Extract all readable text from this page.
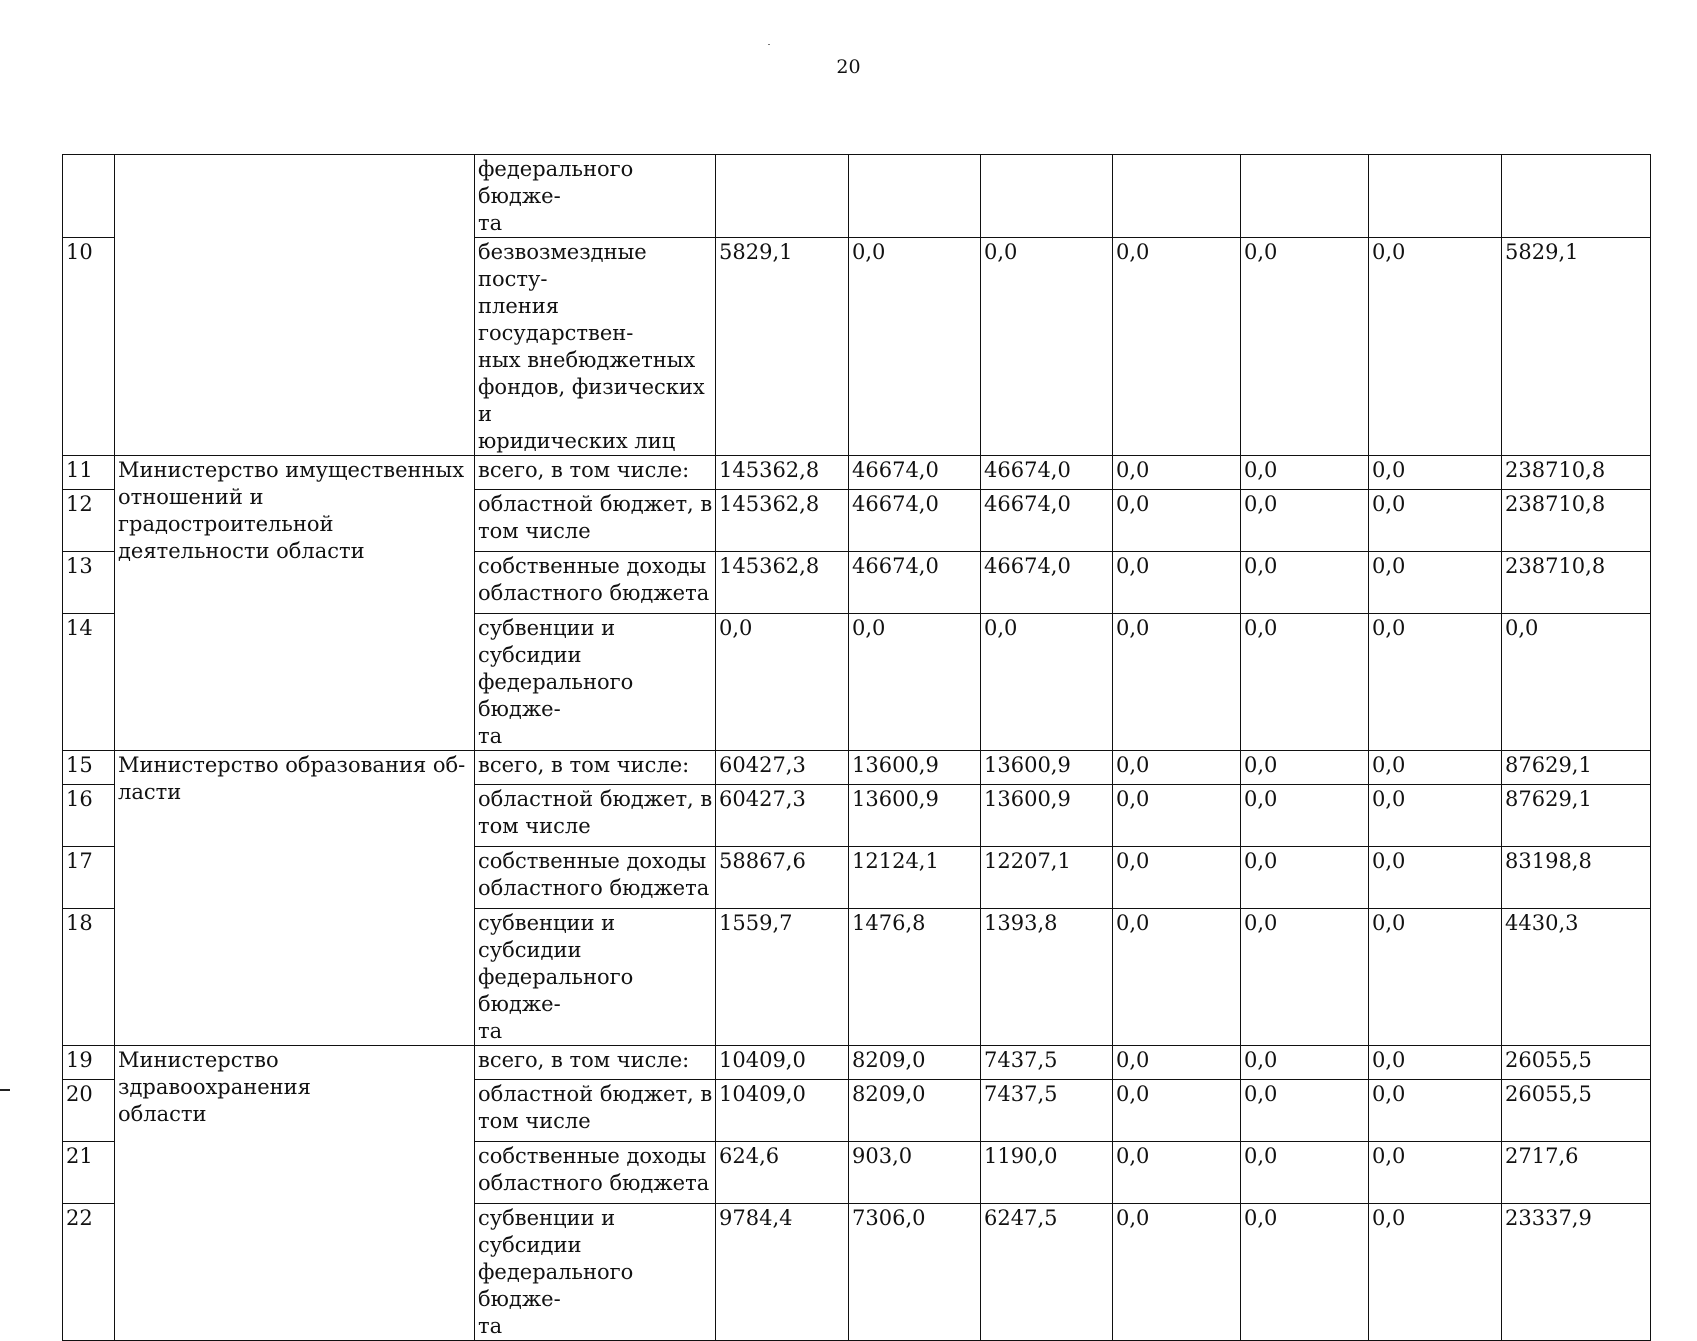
20
		федерального бюдже-
та							
10		безвозмездные посту-
пления государствен-
ных внебюджетных
фондов, физических и
юридических лиц	5829,1	0,0	0,0	0,0	0,0	0,0	5829,1
11	Министерство имущественных
отношений и градостроительной
деятельности области	всего, в том числе:	145362,8	46674,0	46674,0	0,0	0,0	0,0	238710,8
12		областной бюджет, в
том числе	145362,8	46674,0	46674,0	0,0	0,0	0,0	238710,8
13		собственные доходы
областного бюджета	145362,8	46674,0	46674,0	0,0	0,0	0,0	238710,8
14		субвенции и субсидии
федерального бюдже-
та	0,0	0,0	0,0	0,0	0,0	0,0	0,0
15	Министерство образования об-
ласти	всего, в том числе:	60427,3	13600,9	13600,9	0,0	0,0	0,0	87629,1
16		областной бюджет, в
том числе	60427,3	13600,9	13600,9	0,0	0,0	0,0	87629,1
17		собственные доходы
областного бюджета	58867,6	12124,1	12207,1	0,0	0,0	0,0	83198,8
18		субвенции и субсидии
федерального бюдже-
та	1559,7	1476,8	1393,8	0,0	0,0	0,0	4430,3
19	Министерство здравоохранения
области	всего, в том числе:	10409,0	8209,0	7437,5	0,0	0,0	0,0	26055,5
20		областной бюджет, в
том числе	10409,0	8209,0	7437,5	0,0	0,0	0,0	26055,5
21		собственные доходы
областного бюджета	624,6	903,0	1190,0	0,0	0,0	0,0	2717,6
22		субвенции и субсидии
федерального бюдже-
та	9784,4	7306,0	6247,5	0,0	0,0	0,0	23337,9
